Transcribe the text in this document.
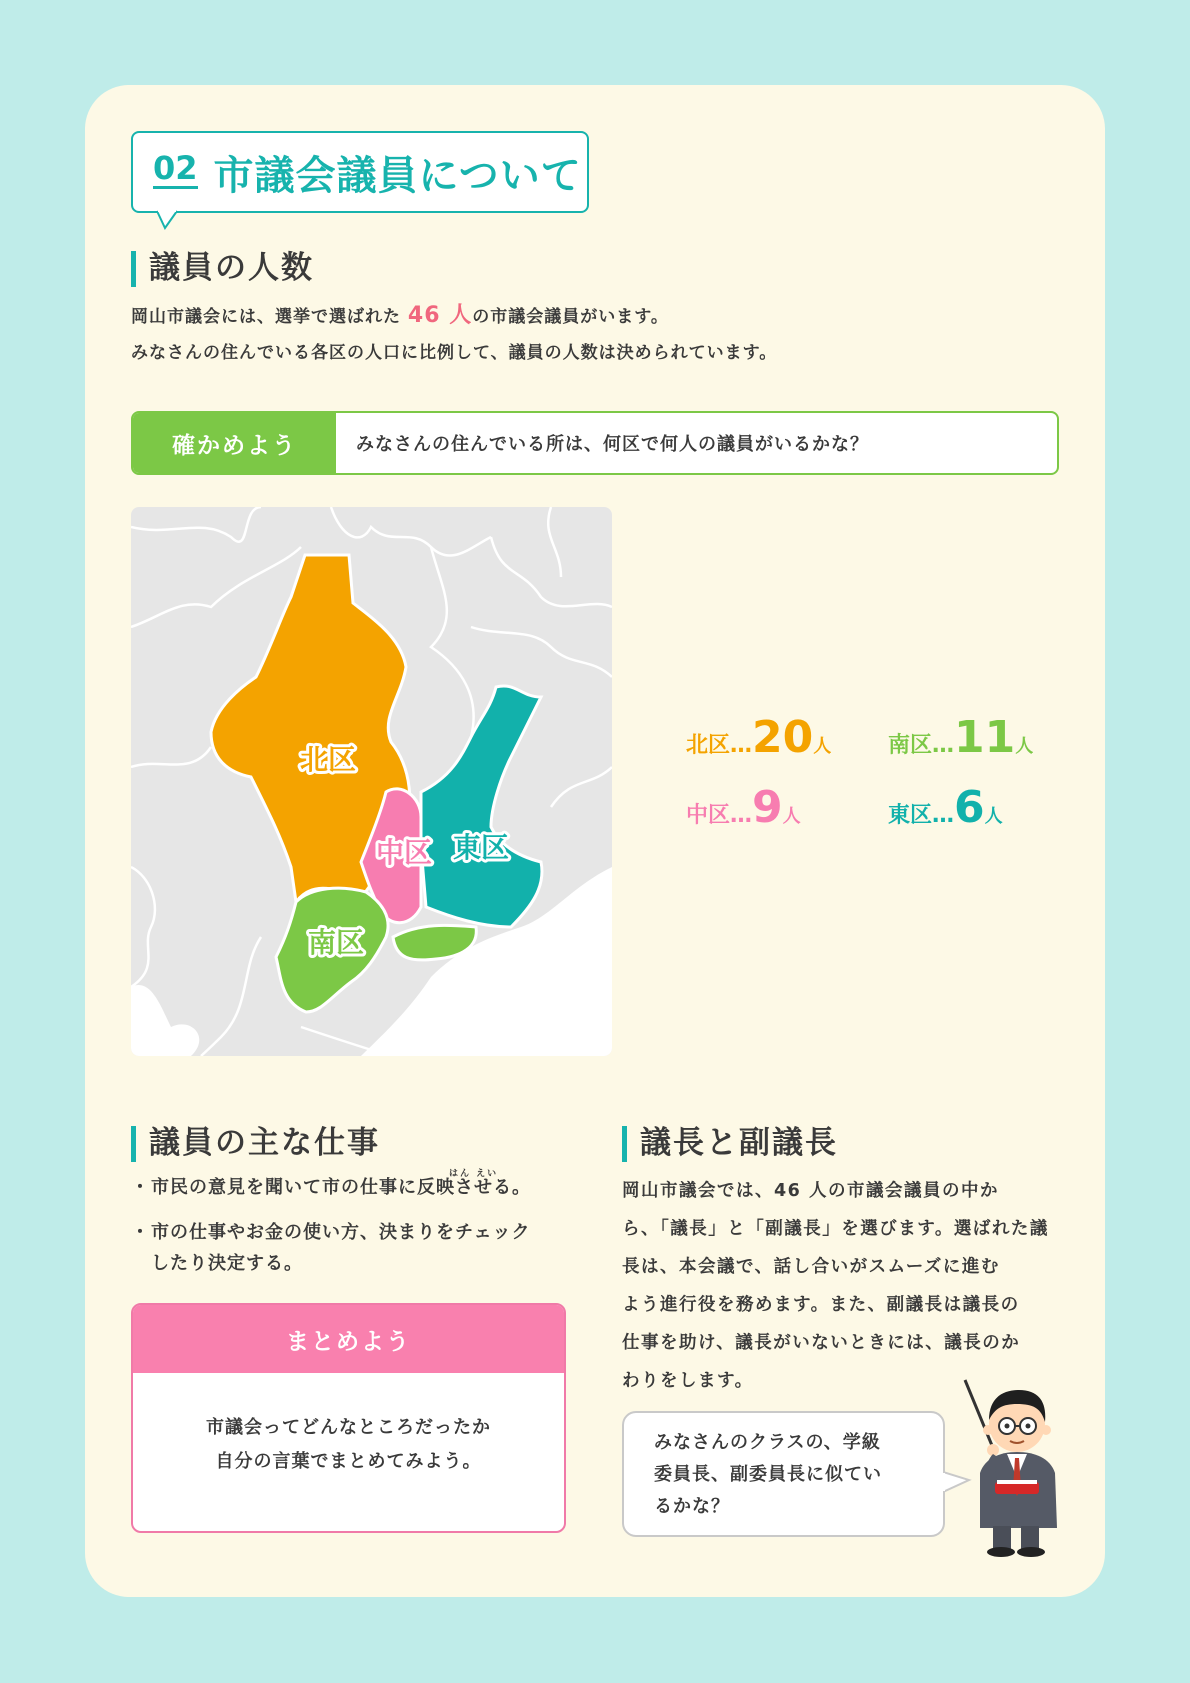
02 市議会議員について
議員の人数
岡山市議会には、選挙で選ばれた 46 人の市議会議員がいます。
みなさんの住んでいる各区の人口に比例して、議員の人数は決められています。
確かめよう	みなさんの住んでいる所は、何区で何人の議員がいるかな？
北区
中区 東区
南区
北区…20人	南区…11人
中区…9人	東区…6人
議員の主な仕事
はん えい
・ 市民の意見を聞いて市の仕事に反映させる。
・ 市の仕事やお金の使い方、決まりをチェック
したり決定する。
まとめよう
市議会ってどんなところだったか
自分の言葉でまとめてみよう。
議長と副議長
岡山市議会では、46 人の市議会議員の中か
ら、「議長」と「副議長」を選びます。選ばれた議
長は、本会議で、話し合いがスムーズに進む
よう進行役を務めます。また、副議長は議長の
仕事を助け、議長がいないときには、議長のか
わりをします。
みなさんのクラスの、学級
委員長、副委員長に似てい
るかな？
